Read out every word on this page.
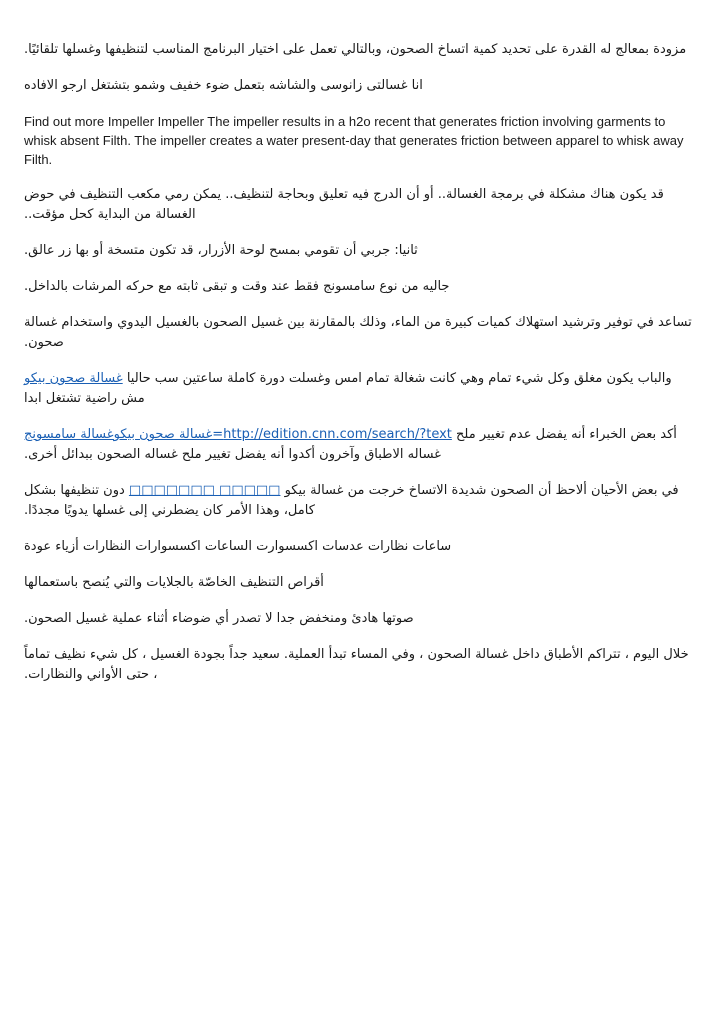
مزودة بمعالج له القدرة على تحديد كمية اتساخ الصحون، وبالتالي تعمل على اختيار البرنامج المناسب لتنظيفها وغسلها تلقائيًا.

انا غسالتى زانوسى والشاشه بتعمل ضوء خفيف وشمو بتشتغل ارجو الافاده

Find out more Impeller Impeller The impeller results in a h2o recent that generates friction involving garments to whisk absent Filth. The impeller creates a water present-day that generates friction between apparel to whisk away Filth.

قد يكون هناك مشكلة في برمجة الغسالة.. أو أن الدرج فيه تعليق وبحاجة لتنظيف.. يمكن رمي مكعب التنظيف في حوض الغسالة من البداية كحل مؤقت..

ثانيا: جربي أن تقومي بمسح لوحة الأزرار، قد تكون متسخة أو بها زر عالق.

جاليه من نوع سامسونج فقط عند وقت و تبقى ثابته مع حركه المرشات بالداخل.

تساعد في توفير وترشيد استهلاك كميات كبيرة من الماء، وذلك بالمقارنة بين غسيل الصحون بالغسيل اليدوي واستخدام غسالة صحون.

والباب يكون مغلق وكل شيء تمام وهي كانت شغالة تمام امس وغسلت دورة كاملة ساعتين سب حاليا غسالة صحون بيكو مش راضية تشتغل ابدا

أكد بعض الخبراء أنه يفضل عدم تغيير ملح http://edition.cnn.com/search/?text=غسالة صحون بيكوغسالة سامسونج غساله الاطباق وآخرون أكدوا أنه يفضل تغيير ملح غساله الصحون ببدائل أخرى.

في بعض الأحيان ألاحظ أن الصحون شديدة الاتساخ خرجت من غسالة بيكو □□□□□ □□□□□□□ دون تنظيفها بشكل كامل، وهذا الأمر كان يضطرني إلى غسلها يدويًا مجددًا.

ساعات نظارات عدسات اكسسوارت الساعات اكسسوارات النظارات أزياء عودة

أقراص التنظيف الخاصّة بالجلايات والتي يُنصح باستعمالها

صوتها هادئ ومنخفض جدا لا تصدر أي ضوضاء أثناء عملية غسيل الصحون.

خلال اليوم ، تتراكم الأطباق داخل غسالة الصحون ، وفي المساء تبدأ العملية. سعيد جداً بجودة الغسيل ، كل شيء نظيف تماماً ، حتى الأواني والنظارات.
